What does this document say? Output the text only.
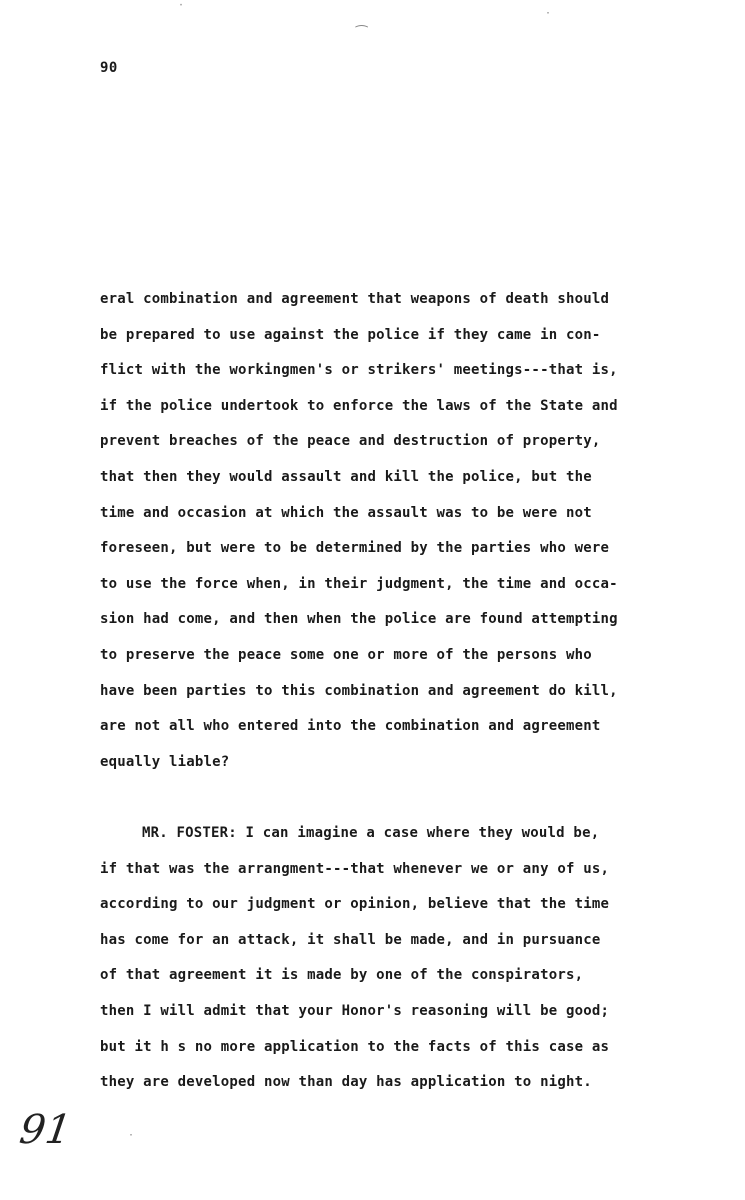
⋅
⁔	·
90
eral combination and agreement that weapons of death should
be prepared to use against the police if they came in con-
flict with the workingmen's or strikers' meetings---that is,
if the police undertook to enforce the laws of the State and
prevent breaches of the peace and destruction of property,
that then they would assault and kill the police, but the
time and occasion at which the assault was to be were not
foreseen, but were to be determined by the parties who were
to use the force when, in their judgment, the time and occa-
sion had come, and then when the police are found attempting
to preserve the peace some one or more of the persons who
have been parties to this combination and agreement do kill,
are not all who entered into the combination and agreement
equally liable?
MR. FOSTER: I can imagine a case where they would be,
if that was the arrangment---that whenever we or any of us,
according to our judgment or opinion, believe that the time
has come for an attack, it shall be made, and in pursuance
of that agreement it is made by one of the conspirators,
then I will admit that your Honor's reasoning will be good;
but it h s no more application to the facts of this case as
they are developed now than day has application to night.
91	·
